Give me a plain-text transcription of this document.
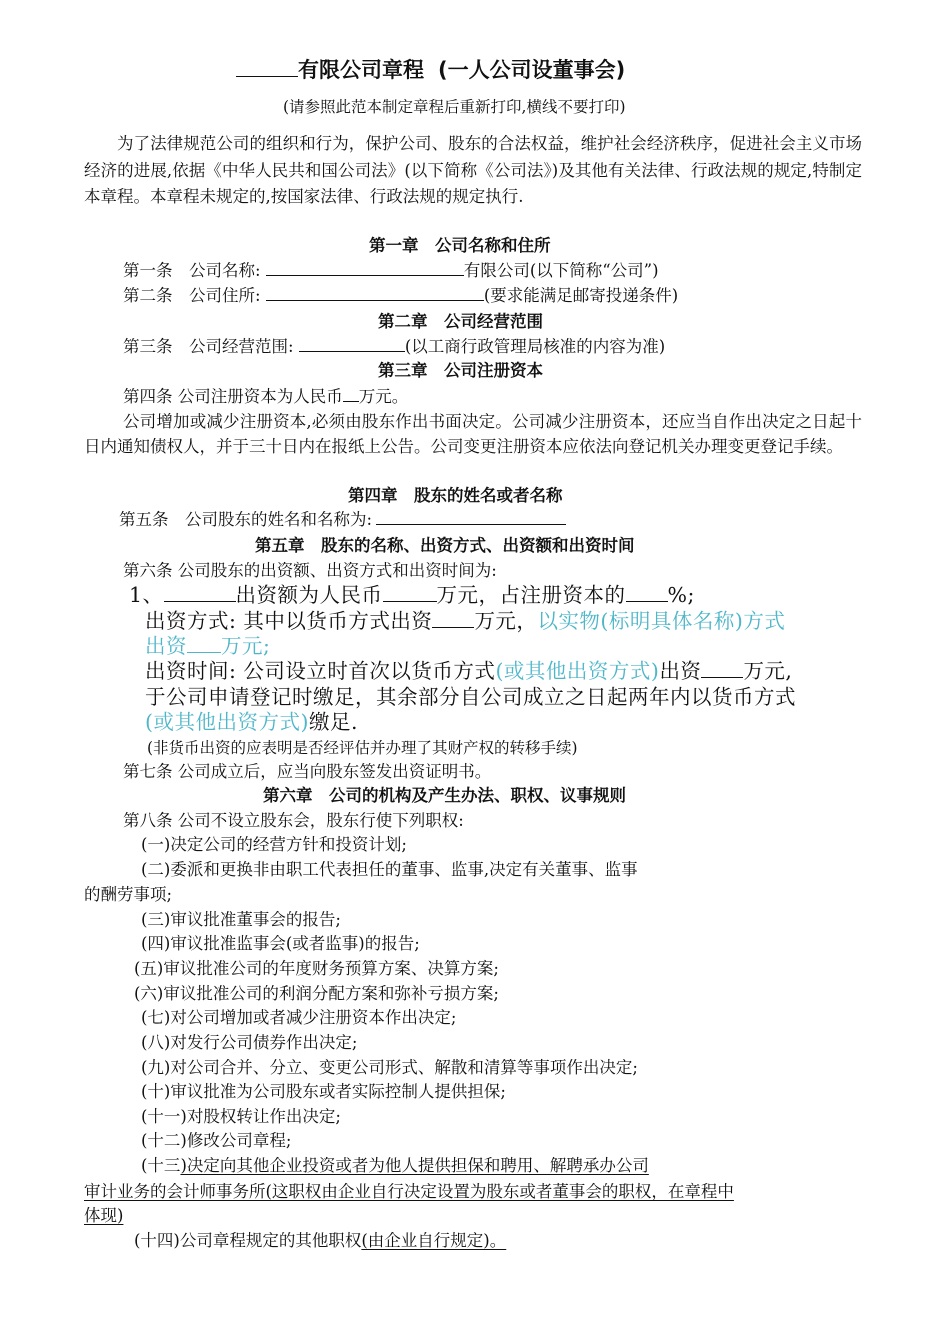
有限公司章程 (一人公司设董事会)
(请参照此范本制定章程后重新打印,横线不要打印)
为了法律规范公司的组织和行为，保护公司、股东的合法权益，维护社会经济秩序，促进社会主义市场经济的进展,依据《中华人民共和国公司法》(以下简称《公司法》)及其他有关法律、行政法规的规定,特制定本章程。本章程未规定的,按国家法律、行政法规的规定执行.
第一章　公司名称和住所
第一条　公司名称:	有限公司(以下简称“公司”)
第二条　公司住所:	(要求能满足邮寄投递条件)
第二章　公司经营范围
第三条　公司经营范围:	(以工商行政管理局核准的内容为准)
第三章　公司注册资本
第四条 公司注册资本为人民币 万元。
公司增加或减少注册资本,必须由股东作出书面决定。公司减少注册资本，还应当自作出决定之日起十日内通知债权人，并于三十日内在报纸上公告。公司变更注册资本应依法向登记机关办理变更登记手续。
第四章　股东的姓名或者名称
第五条　公司股东的姓名和名称为:
第五章　股东的名称、出资方式、出资额和出资时间
第六条 公司股东的出资额、出资方式和出资时间为:
1、	出资额为人民币	万元，占注册资本的 %;
出资方式: 其中以货币方式出资 万元，以实物(标明具体名称)方式
出资 万元;
出资时间: 公司设立时首次以货币方式(或其他出资方式)出资 万元,
于公司申请登记时缴足，其余部分自公司成立之日起两年内以货币方式
(或其他出资方式)缴足.
(非货币出资的应表明是否经评估并办理了其财产权的转移手续)
第七条 公司成立后，应当向股东签发出资证明书。
第六章　公司的机构及产生办法、职权、议事规则
第八条 公司不设立股东会，股东行使下列职权:
(一)决定公司的经营方针和投资计划;
(二)委派和更换非由职工代表担任的董事、监事,决定有关董事、监事
的酬劳事项;
(三)审议批准董事会的报告;
(四)审议批准监事会(或者监事)的报告;
(五)审议批准公司的年度财务预算方案、决算方案;
(六)审议批准公司的利润分配方案和弥补亏损方案;
(七)对公司增加或者减少注册资本作出决定;
(八)对发行公司债券作出决定;
(九)对公司合并、分立、变更公司形式、解散和清算等事项作出决定;
(十)审议批准为公司股东或者实际控制人提供担保;
(十一)对股权转让作出决定;
(十二)修改公司章程;
(十三)决定向其他企业投资或者为他人提供担保和聘用、解聘承办公司
审计业务的会计师事务所(这职权由企业自行决定设置为股东或者董事会的职权，在章程中
体现)
(十四)公司章程规定的其他职权(由企业自行规定)。
